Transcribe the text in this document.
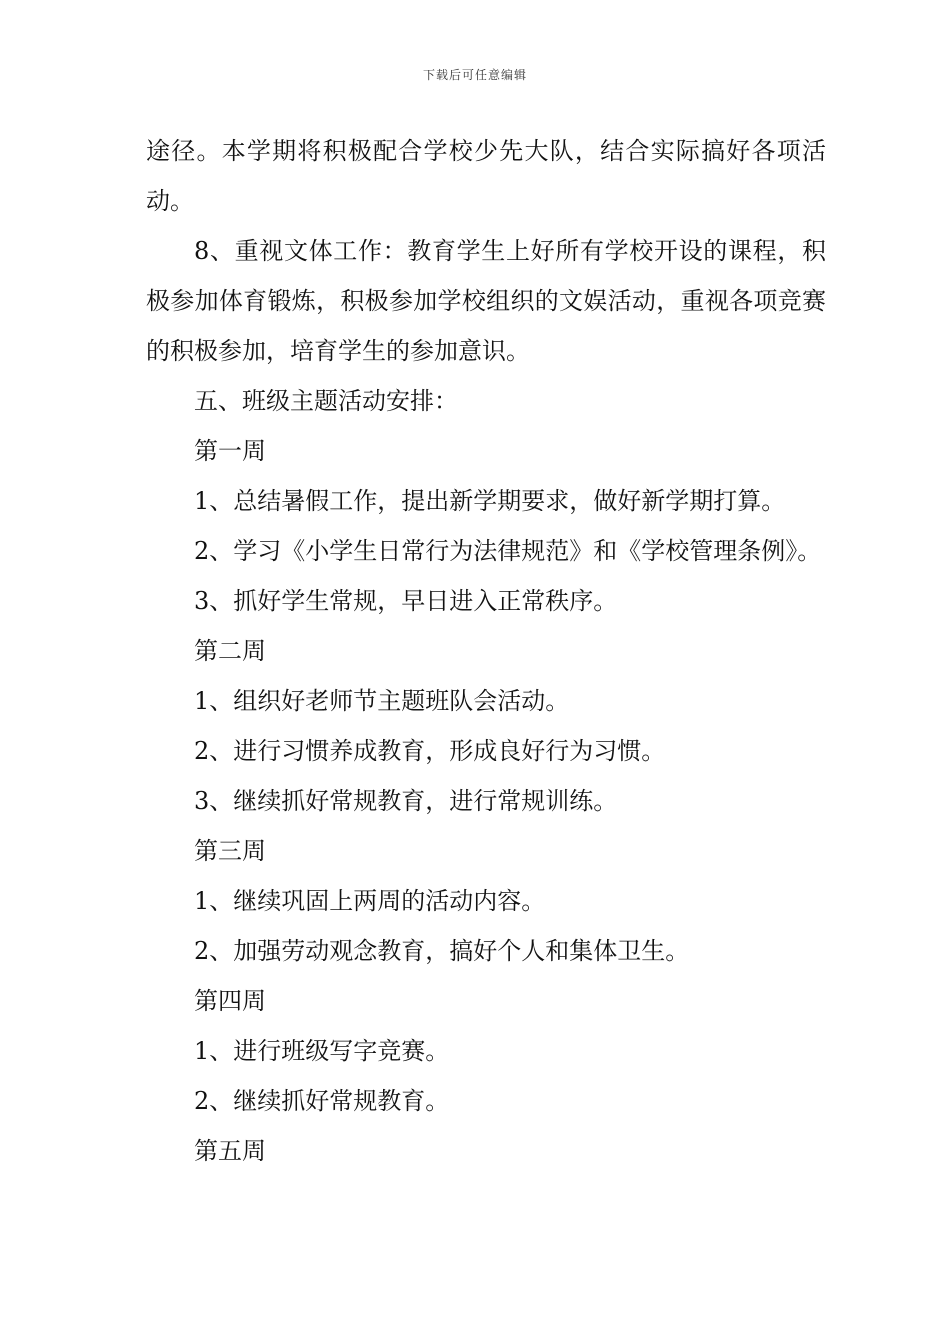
下载后可任意编辑

途径。本学期将积极配合学校少先大队，结合实际搞好各项活动。

8、重视文体工作：教育学生上好所有学校开设的课程，积极参加体育锻炼，积极参加学校组织的文娱活动，重视各项竞赛的积极参加，培育学生的参加意识。

五、班级主题活动安排：

第一周

1、总结暑假工作，提出新学期要求，做好新学期打算。

2、学习《小学生日常行为法律规范》和《学校管理条例》。

3、抓好学生常规，早日进入正常秩序。

第二周

1、组织好老师节主题班队会活动。

2、进行习惯养成教育，形成良好行为习惯。

3、继续抓好常规教育，进行常规训练。

第三周

1、继续巩固上两周的活动内容。

2、加强劳动观念教育，搞好个人和集体卫生。

第四周

1、进行班级写字竞赛。

2、继续抓好常规教育。

第五周
